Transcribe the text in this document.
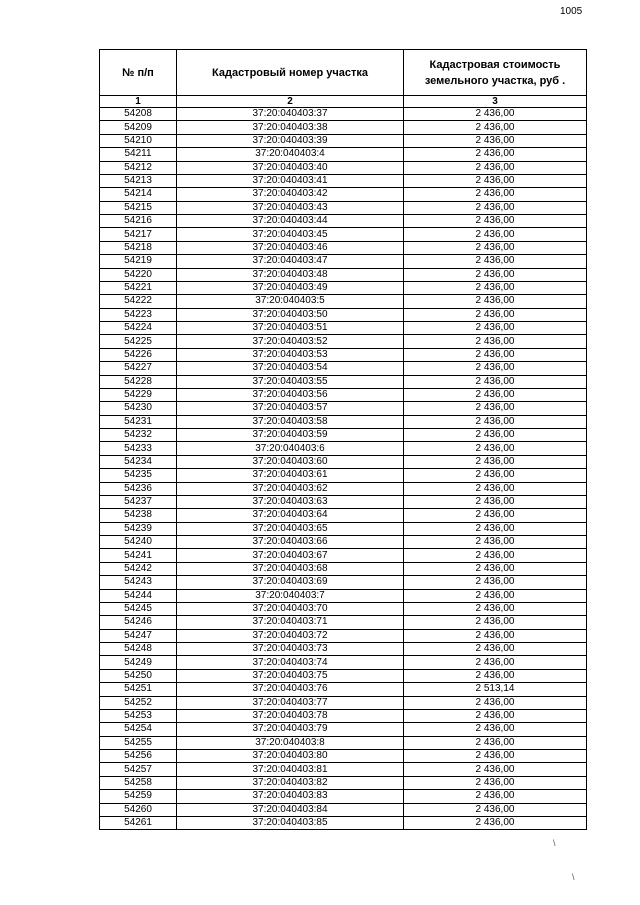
1005
№ п/п	Кадастровый номер участка	Кадастровая стоимость земельного участка, руб .
1	2	3
54208	37:20:040403:37	2 436,00
54209	37:20:040403:38	2 436,00
54210	37:20:040403:39	2 436,00
54211	37:20:040403:4	2 436,00
54212	37:20:040403:40	2 436,00
54213	37:20:040403:41	2 436,00
54214	37:20:040403:42	2 436,00
54215	37:20:040403:43	2 436,00
54216	37:20:040403:44	2 436,00
54217	37:20:040403:45	2 436,00
54218	37:20:040403:46	2 436,00
54219	37:20:040403:47	2 436,00
54220	37:20:040403:48	2 436,00
54221	37:20:040403:49	2 436,00
54222	37:20:040403:5	2 436,00
54223	37:20:040403:50	2 436,00
54224	37:20:040403:51	2 436,00
54225	37:20:040403:52	2 436,00
54226	37:20:040403:53	2 436,00
54227	37:20:040403:54	2 436,00
54228	37:20:040403:55	2 436,00
54229	37:20:040403:56	2 436,00
54230	37:20:040403:57	2 436,00
54231	37:20:040403:58	2 436,00
54232	37:20:040403:59	2 436,00
54233	37:20:040403:6	2 436,00
54234	37:20:040403:60	2 436,00
54235	37:20:040403:61	2 436,00
54236	37:20:040403:62	2 436,00
54237	37:20:040403:63	2 436,00
54238	37:20:040403:64	2 436,00
54239	37:20:040403:65	2 436,00
54240	37:20:040403:66	2 436,00
54241	37:20:040403:67	2 436,00
54242	37:20:040403:68	2 436,00
54243	37:20:040403:69	2 436,00
54244	37:20:040403:7	2 436,00
54245	37:20:040403:70	2 436,00
54246	37:20:040403:71	2 436,00
54247	37:20:040403:72	2 436,00
54248	37:20:040403:73	2 436,00
54249	37:20:040403:74	2 436,00
54250	37:20:040403:75	2 436,00
54251	37:20:040403:76	2 513,14
54252	37:20:040403:77	2 436,00
54253	37:20:040403:78	2 436,00
54254	37:20:040403:79	2 436,00
54255	37:20:040403:8	2 436,00
54256	37:20:040403:80	2 436,00
54257	37:20:040403:81	2 436,00
54258	37:20:040403:82	2 436,00
54259	37:20:040403:83	2 436,00
54260	37:20:040403:84	2 436,00
54261	37:20:040403:85	2 436,00
\
\
